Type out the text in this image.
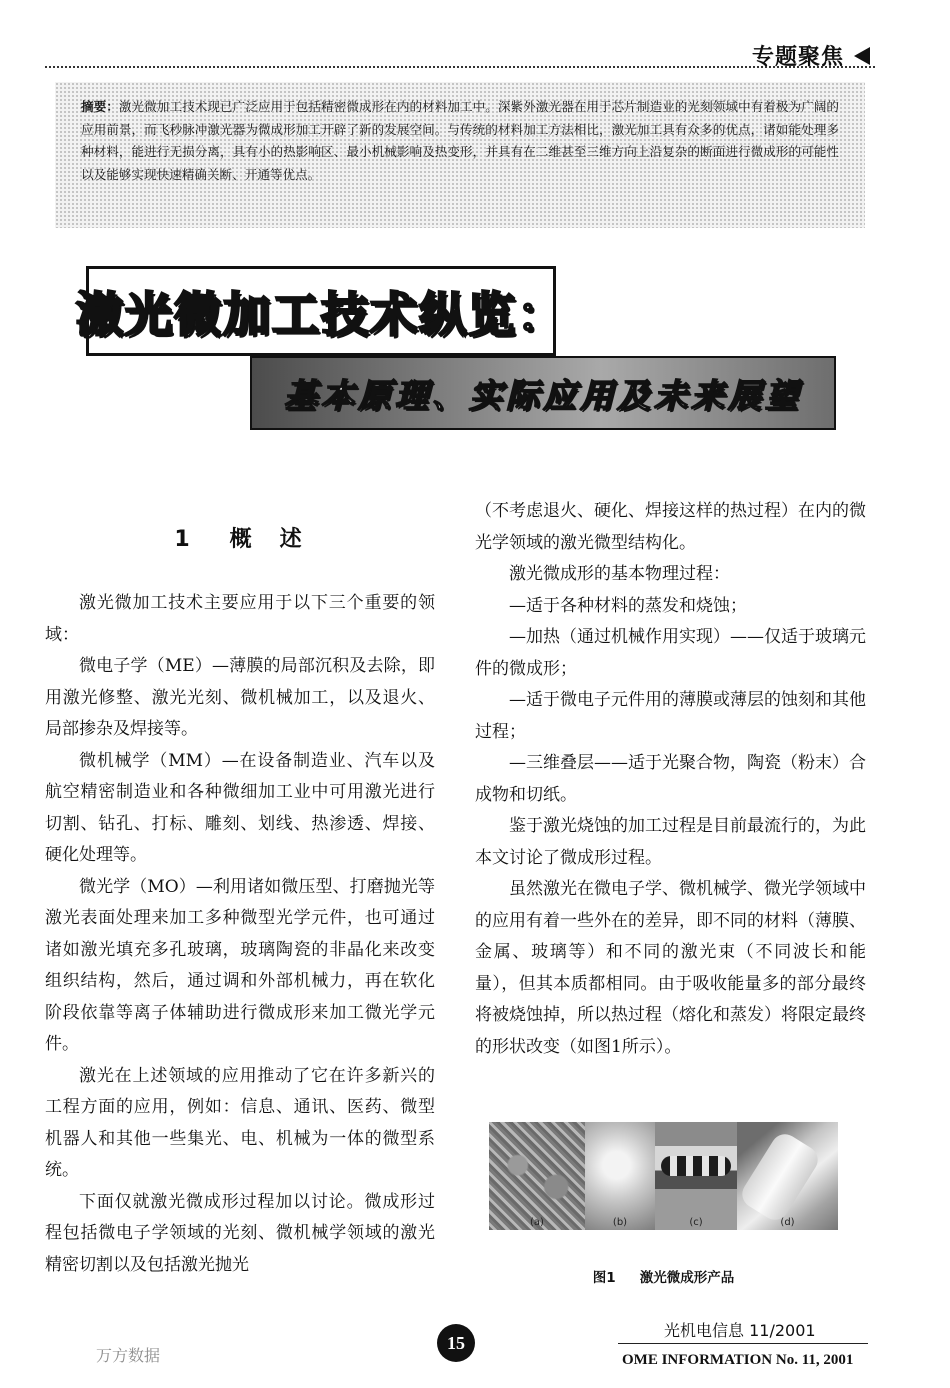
专题聚焦
摘要：激光微加工技术现已广泛应用于包括精密微成形在内的材料加工中。深紫外激光器在用于芯片制造业的光刻领域中有着极为广阔的应用前景，而飞秒脉冲激光器为微成形加工开辟了新的发展空间。与传统的材料加工方法相比，激光加工具有众多的优点，诸如能处理多种材料，能进行无损分离，具有小的热影响区、最小机械影响及热变形，并具有在二维甚至三维方向上沿复杂的断面进行微成形的可能性以及能够实现快速精确关断、开通等优点。
激光微加工技术纵览：
基本原理、实际应用及未来展望
1 概 述

激光微加工技术主要应用于以下三个重要的领域：

微电子学（ME）—薄膜的局部沉积及去除，即用激光修整、激光光刻、微机械加工，以及退火、局部掺杂及焊接等。

微机械学（MM）—在设备制造业、汽车以及航空精密制造业和各种微细加工业中可用激光进行切割、钻孔、打标、雕刻、划线、热渗透、焊接、硬化处理等。

微光学（MO）—利用诸如微压型、打磨抛光等激光表面处理来加工多种微型光学元件，也可通过诸如激光填充多孔玻璃，玻璃陶瓷的非晶化来改变组织结构，然后，通过调和外部机械力，再在软化阶段依靠等离子体辅助进行微成形来加工微光学元件。

激光在上述领域的应用推动了它在许多新兴的工程方面的应用，例如：信息、通讯、医药、微型机器人和其他一些集光、电、机械为一体的微型系统。

下面仅就激光微成形过程加以讨论。微成形过程包括微电子学领域的光刻、微机械学领域的激光精密切割以及包括激光抛光

（不考虑退火、硬化、焊接这样的热过程）在内的微光学领域的激光微型结构化。

激光微成形的基本物理过程：

—适于各种材料的蒸发和烧蚀；

—加热（通过机械作用实现）——仅适于玻璃元件的微成形；

—适于微电子元件用的薄膜或薄层的蚀刻和其他过程；

—三维叠层——适于光聚合物，陶瓷（粉末）合成物和切纸。

鉴于激光烧蚀的加工过程是目前最流行的，为此本文讨论了微成形过程。

虽然激光在微电子学、微机械学、微光学领域中的应用有着一些外在的差异，即不同的材料（薄膜、金属、玻璃等）和不同的激光束（不同波长和能量），但其本质都相同。由于吸收能量多的部分最终将被烧蚀掉，所以热过程（熔化和蒸发）将限定最终的形状改变（如图1所示）。

(a)	(b)	(c)	(d)
图1 激光微成形产品
万方数据
15
光机电信息 11/2001
OME INFORMATION No. 11, 2001
